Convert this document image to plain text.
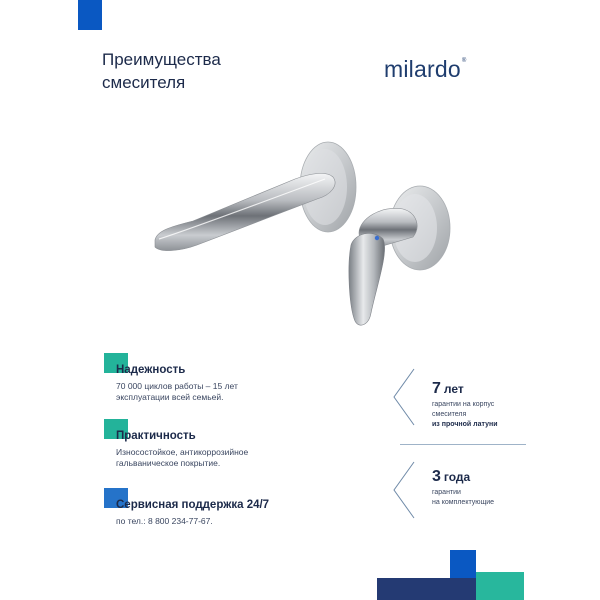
Преимущества
смесителя
milardo®
Надежность
70 000 циклов работы – 15 лет
эксплуатации всей семьей.
Практичность
Износостойкое, антикоррозийное
гальваническое покрытие.
Сервисная поддержка 24/7
по тел.: 8 800 234-77-67.
7 лет
гарантии на корпус
смесителя
из прочной латуни
3 года
гарантии
на комплектующие
